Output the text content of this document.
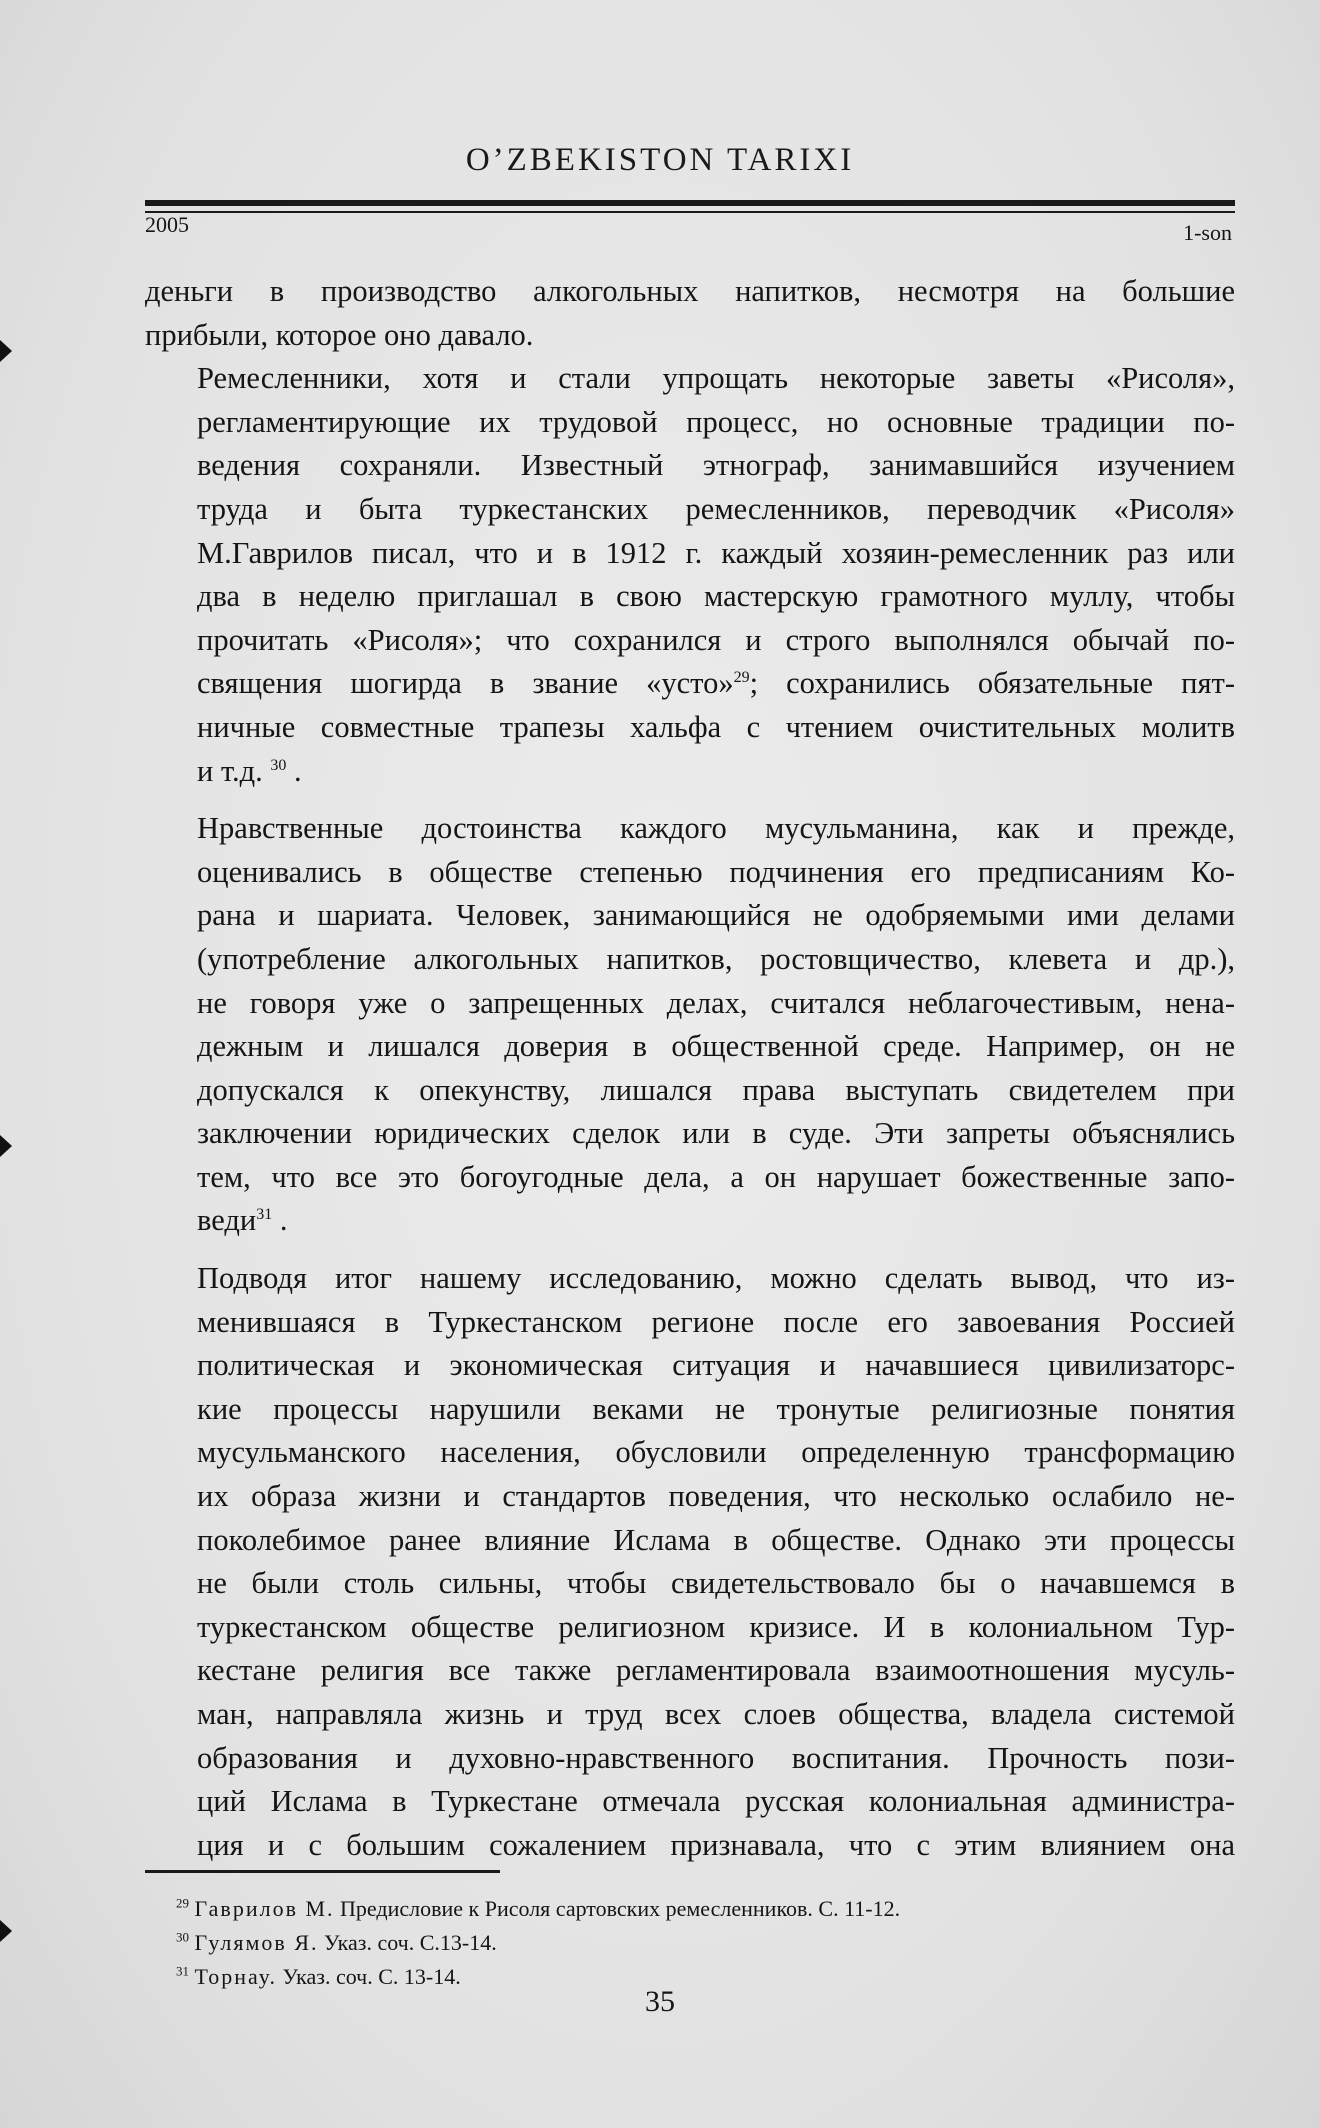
O’ZBEKISTON TARIXI
2005	1-son

деньги в производство алкогольных напитков, несмотря на большие
прибыли, которое оно давало.

Ремесленники, хотя и стали упрощать некоторые заветы «Рисоля»,
регламентирующие их трудовой процесс, но основные традиции по-
ведения сохраняли. Известный этнограф, занимавшийся изучением
труда и быта туркестанских ремесленников, переводчик «Рисоля»
М.Гаврилов писал, что и в 1912 г. каждый хозяин-ремесленник раз или
два в неделю приглашал в свою мастерскую грамотного муллу, чтобы
прочитать «Рисоля»; что сохранился и строго выполнялся обычай по-
священия шогирда в звание «усто»$^{29}$; сохранились обязательные пят-
ничные совместные трапезы хальфа с чтением очистительных молитв
и т.д. $^{30}$ .

Нравственные достоинства каждого мусульманина, как и прежде,
оценивались в обществе степенью подчинения его предписаниям Ко-
рана и шариата. Человек, занимающийся не одобряемыми ими делами
(употребление алкогольных напитков, ростовщичество, клевета и др.),
не говоря уже о запрещенных делах, считался неблагочестивым, нена-
дежным и лишался доверия в общественной среде. Например, он не
допускался к опекунству, лишался права выступать свидетелем при
заключении юридических сделок или в суде. Эти запреты объяснялись
тем, что все это богоугодные дела, а он нарушает божественные запо-
веди$^{31}$ .

Подводя итог нашему исследованию, можно сделать вывод, что из-
менившаяся в Туркестанском регионе после его завоевания Россией
политическая и экономическая ситуация и начавшиеся цивилизаторс-
кие процессы нарушили веками не тронутые религиозные понятия
мусульманского населения, обусловили определенную трансформацию
их образа жизни и стандартов поведения, что несколько ослабило не-
поколебимое ранее влияние Ислама в обществе. Однако эти процессы
не были столь сильны, чтобы свидетельствовало бы о начавшемся в
туркестанском обществе религиозном кризисе. И в колониальном Тур-
кестане религия все также регламентировала взаимоотношения мусуль-
ман, направляла жизнь и труд всех слоев общества, владела системой
образования и духовно-нравственного воспитания. Прочность пози-
ций Ислама в Туркестане отмечала русская колониальная администра-
ция и с большим сожалением признавала, что с этим влиянием она

$^{29}$ Гаврилов М. Предисловие к Рисоля сартовских ремесленников. С. 11-12.
$^{30}$ Гулямов Я. Указ. соч. С.13-14.
$^{31}$ Торнау. Указ. соч. С. 13-14.
35
